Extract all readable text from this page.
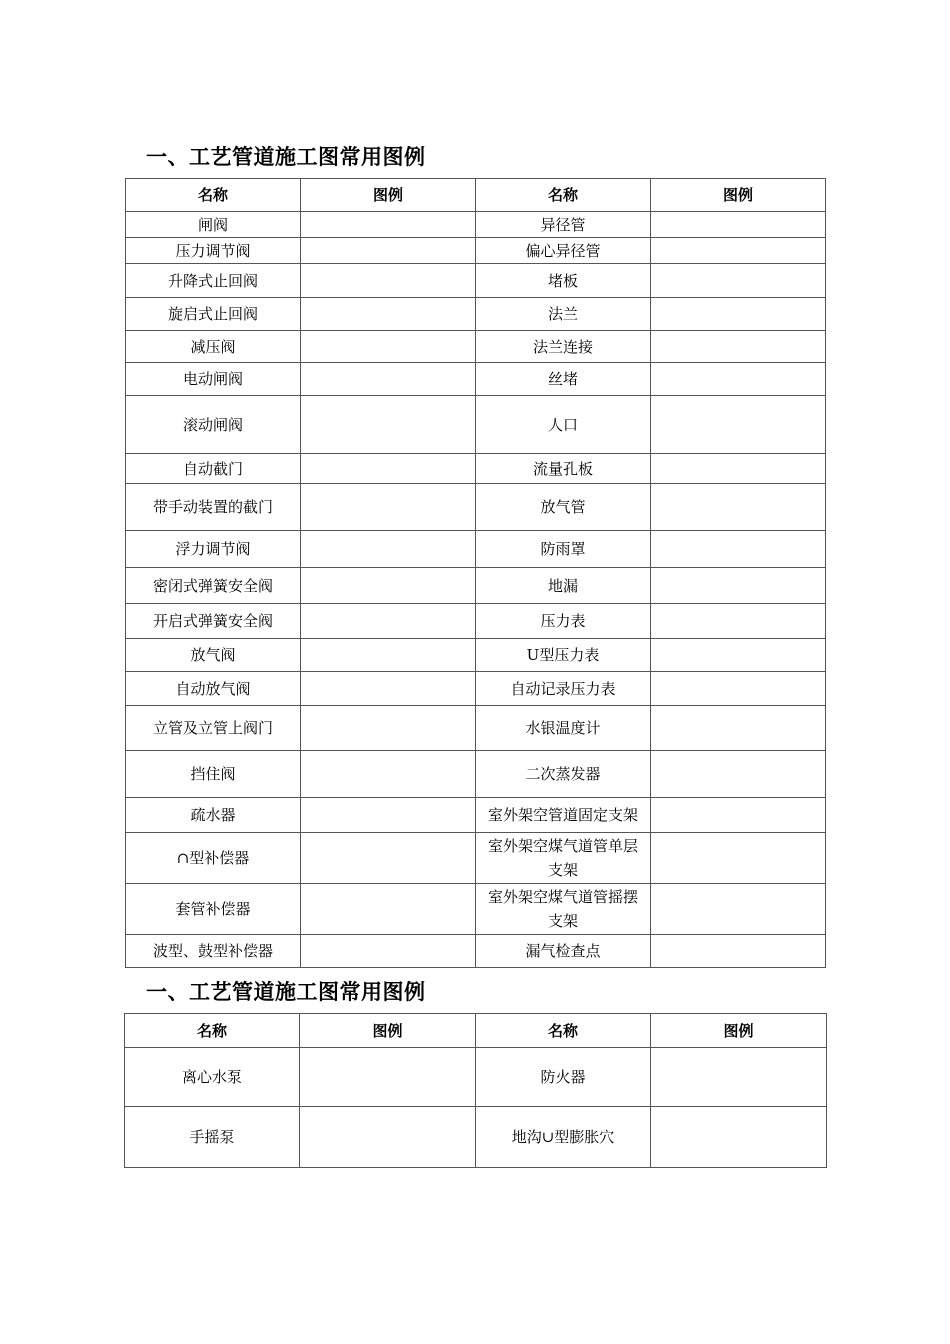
一、工艺管道施工图常用图例
名称	图例	名称	图例
闸阀		异径管	
压力调节阀		偏心异径管	
升降式止回阀		堵板	
旋启式止回阀		法兰	
减压阀		法兰连接	
电动闸阀		丝堵	
滚动闸阀		人口	
自动截门		流量孔板	
带手动装置的截门		放气管	
浮力调节阀		防雨罩	
密闭式弹簧安全阀		地漏	
开启式弹簧安全阀		压力表	
放气阀		U型压力表	
自动放气阀		自动记录压力表	
立管及立管上阀门		水银温度计	
挡住阀		二次蒸发器	
疏水器		室外架空管道固定支架	
∩型补偿器		室外架空煤气道管单层支架	
套管补偿器		室外架空煤气道管摇摆支架	
波型、鼓型补偿器		漏气检查点	
一、工艺管道施工图常用图例
名称	图例	名称	图例
离心水泵		防火器	
手摇泵		地沟∪型膨胀穴	
